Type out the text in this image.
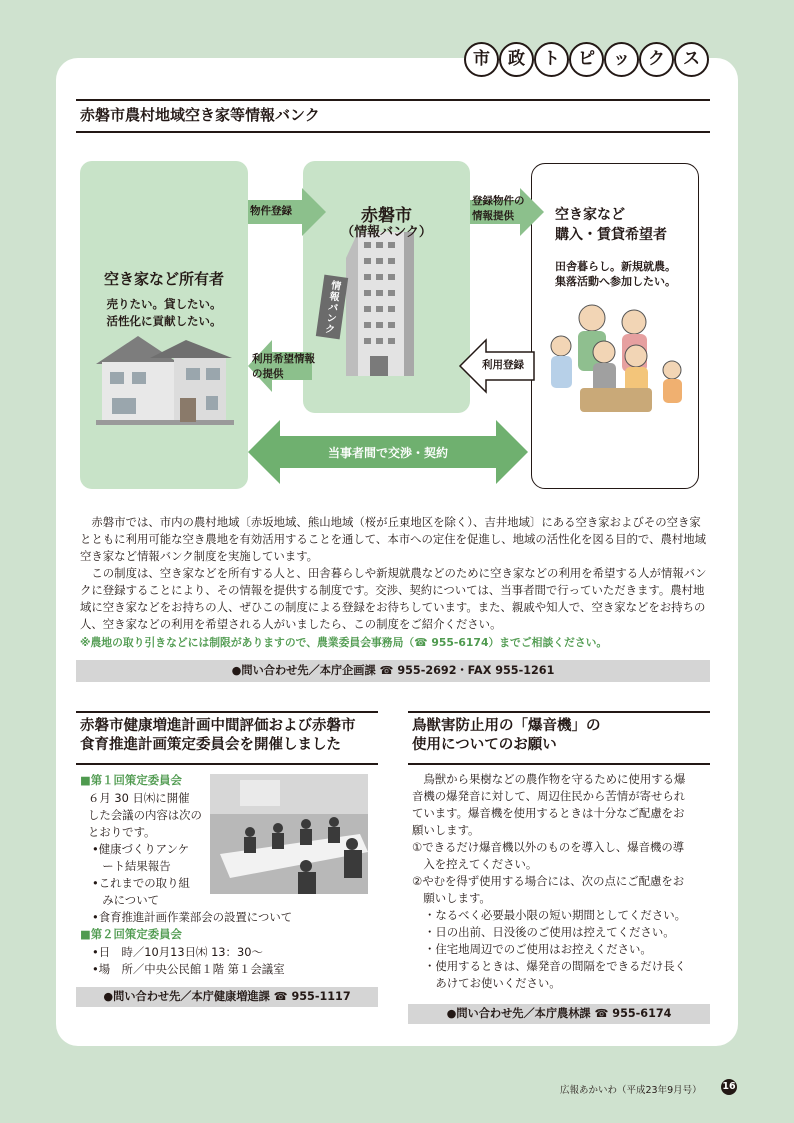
市	政	ト	ピ	ッ	ク	ス
赤磐市農村地域空き家等情報バンク
空き家など所有者
売りたい。貸したい。
活性化に貢献したい。
赤磐市
（情報バンク）
情報バンク
空き家など
購入・賃貸希望者
田舎暮らし。新規就農。
集落活動へ参加したい。
物件登録
登録物件の
情報提供
利用登録
利用希望情報
の提供
当事者間で交渉・契約

赤磐市では、市内の農村地域〔赤坂地域、熊山地域（桜が丘東地区を除く）、吉井地域〕にある空き家およびその空き家とともに利用可能な空き農地を有効活用することを通して、本市への定住を促進し、地域の活性化を図る目的で、農村地域空き家など情報バンク制度を実施しています。

この制度は、空き家などを所有する人と、田舎暮らしや新規就農などのために空き家などの利用を希望する人が情報バンクに登録することにより、その情報を提供する制度です。交渉、契約については、当事者間で行っていただきます。農村地域に空き家などをお持ちの人、ぜひこの制度による登録をお待ちしています。また、親戚や知人で、空き家などをお持ちの人、空き家などの利用を希望される人がいましたら、この制度をご紹介ください。

※農地の取り引きなどには制限がありますので、農業委員会事務局（☎ 955-6174）までご相談ください。

●問い合わせ先／本庁企画課 ☎ 955-2692・FAX 955-1261
赤磐市健康増進計画中間評価および赤磐市
食育推進計画策定委員会を開催しました
■第１回策定委員会
６月 30 日㈭に開催
した会議の内容は次の
とおりです。
•健康づくりアンケ
ート結果報告
•これまでの取り組
みについて
•食育推進計画作業部会の設置について
■第２回策定委員会
•日　時／10月13日㈭ 13：30～
•場　所／中央公民館１階 第１会議室
●問い合わせ先／本庁健康増進課 ☎ 955-1117
鳥獣害防止用の「爆音機」の
使用についてのお願い
鳥獣から果樹などの農作物を守るために使用する爆
音機の爆発音に対して、周辺住民から苦情が寄せられ
ています。爆音機を使用するときは十分なご配慮をお
願いします。
①できるだけ爆音機以外のものを導入し、爆音機の導
入を控えてください。
②やむを得ず使用する場合には、次の点にご配慮をお
願いします。
・なるべく必要最小限の短い期間としてください。
・日の出前、日没後のご使用は控えてください。
・住宅地周辺でのご使用はお控えください。
・使用するときは、爆発音の間隔をできるだけ長く
あけてお使いください。
●問い合わせ先／本庁農林課 ☎ 955-6174
広報あかいわ（平成23年9月号） 16
